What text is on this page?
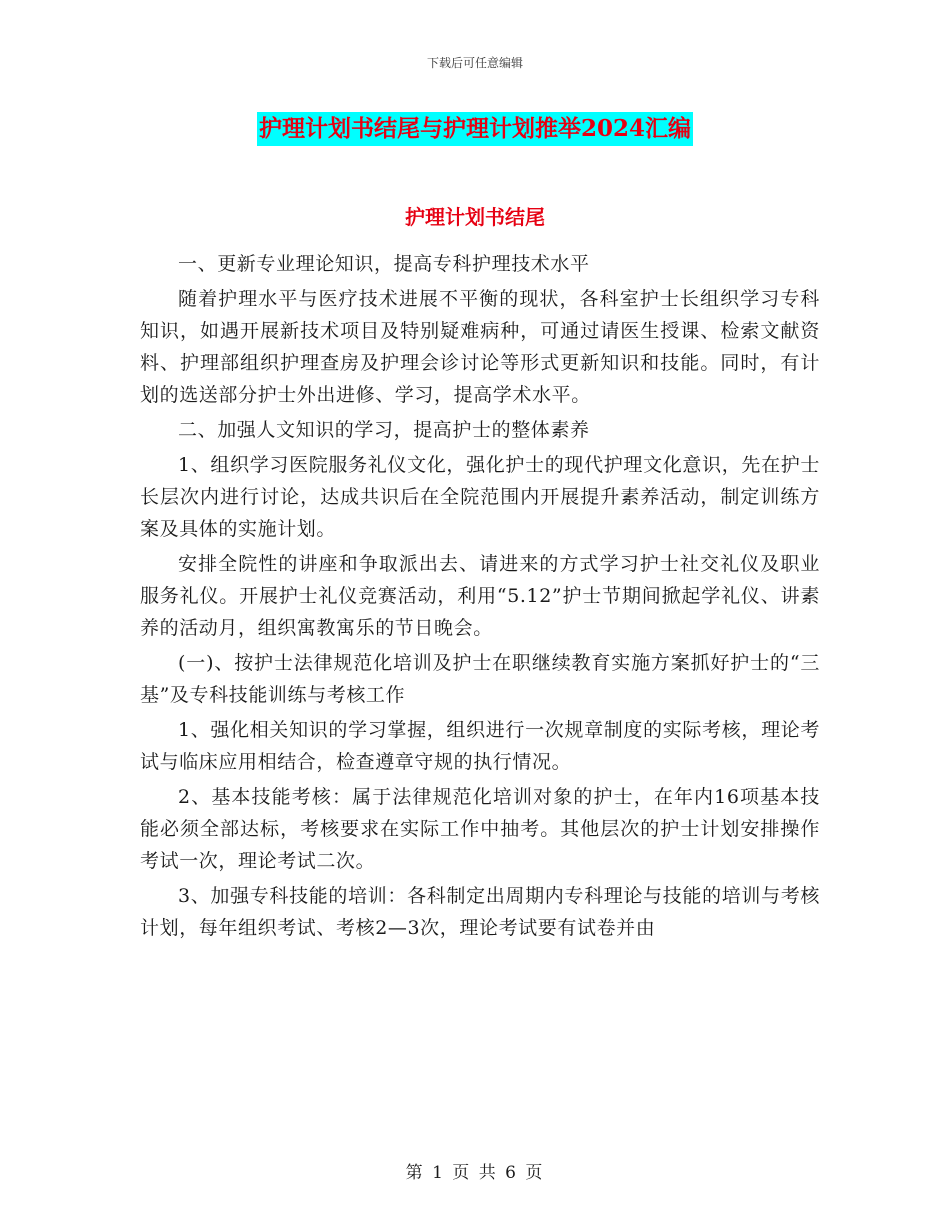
下载后可任意编辑
护理计划书结尾与护理计划推举2024汇编
护理计划书结尾

一、更新专业理论知识，提高专科护理技术水平

随着护理水平与医疗技术进展不平衡的现状，各科室护士长组织学习专科知识，如遇开展新技术项目及特别疑难病种，可通过请医生授课、检索文献资料、护理部组织护理查房及护理会诊讨论等形式更新知识和技能。同时，有计划的选送部分护士外出进修、学习，提高学术水平。

二、加强人文知识的学习，提高护士的整体素养

1、组织学习医院服务礼仪文化，强化护士的现代护理文化意识，先在护士长层次内进行讨论，达成共识后在全院范围内开展提升素养活动，制定训练方案及具体的实施计划。

安排全院性的讲座和争取派出去、请进来的方式学习护士社交礼仪及职业服务礼仪。开展护士礼仪竞赛活动，利用“5.12”护士节期间掀起学礼仪、讲素养的活动月，组织寓教寓乐的节日晚会。

(一)、按护士法律规范化培训及护士在职继续教育实施方案抓好护士的“三基”及专科技能训练与考核工作

1、强化相关知识的学习掌握，组织进行一次规章制度的实际考核，理论考试与临床应用相结合，检查遵章守规的执行情况。

2、基本技能考核：属于法律规范化培训对象的护士，在年内16项基本技能必须全部达标，考核要求在实际工作中抽考。其他层次的护士计划安排操作考试一次，理论考试二次。

3、加强专科技能的培训：各科制定出周期内专科理论与技能的培训与考核计划，每年组织考试、考核2—3次，理论考试要有试卷并由

第 1 页 共 6 页
